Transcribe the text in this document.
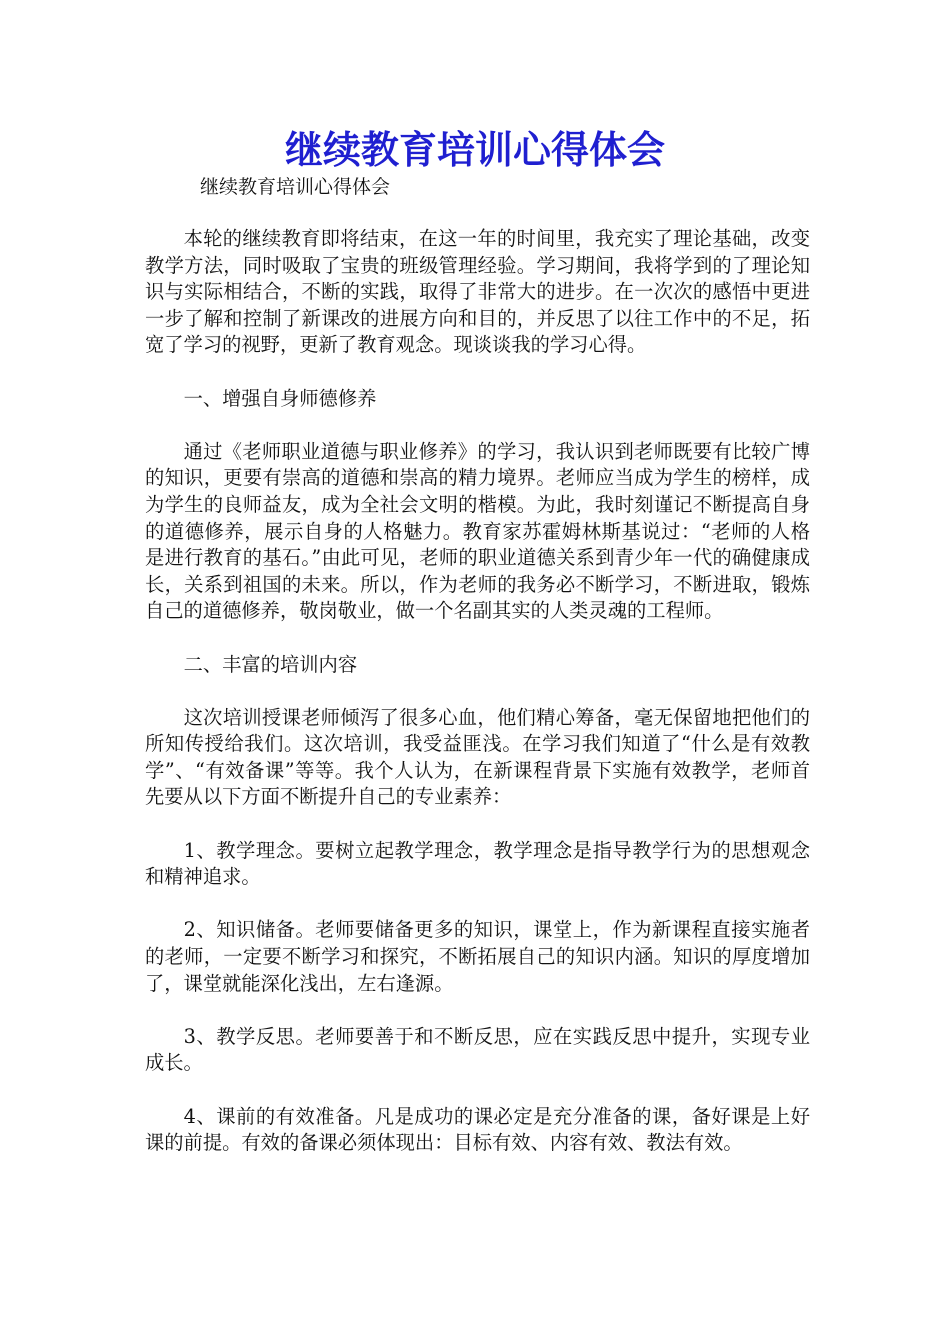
继续教育培训心得体会

继续教育培训心得体会

本轮的继续教育即将结束，在这一年的时间里，我充实了理论基础，改变教学方法，同时吸取了宝贵的班级管理经验。学习期间，我将学到的了理论知识与实际相结合，不断的实践，取得了非常大的进步。在一次次的感悟中更进一步了解和控制了新课改的进展方向和目的，并反思了以往工作中的不足，拓宽了学习的视野，更新了教育观念。现谈谈我的学习心得。

一、增强自身师德修养

通过《老师职业道德与职业修养》的学习，我认识到老师既要有比较广博的知识，更要有崇高的道德和崇高的精力境界。老师应当成为学生的榜样，成为学生的良师益友，成为全社会文明的楷模。为此，我时刻谨记不断提高自身的道德修养，展示自身的人格魅力。教育家苏霍姆林斯基说过：“老师的人格是进行教育的基石。”由此可见，老师的职业道德关系到青少年一代的确健康成长，关系到祖国的未来。所以，作为老师的我务必不断学习，不断进取，锻炼自己的道德修养，敬岗敬业，做一个名副其实的人类灵魂的工程师。

二、丰富的培训内容

这次培训授课老师倾泻了很多心血，他们精心筹备，毫无保留地把他们的所知传授给我们。这次培训，我受益匪浅。在学习我们知道了“什么是有效教学”、“有效备课”等等。我个人认为，在新课程背景下实施有效教学，老师首先要从以下方面不断提升自己的专业素养：

1、教学理念。要树立起教学理念，教学理念是指导教学行为的思想观念和精神追求。

2、知识储备。老师要储备更多的知识，课堂上，作为新课程直接实施者的老师，一定要不断学习和探究，不断拓展自己的知识内涵。知识的厚度增加了，课堂就能深化浅出，左右逢源。

3、教学反思。老师要善于和不断反思，应在实践反思中提升，实现专业成长。

4、课前的有效准备。凡是成功的课必定是充分准备的课，备好课是上好课的前提。有效的备课必须体现出：目标有效、内容有效、教法有效。
